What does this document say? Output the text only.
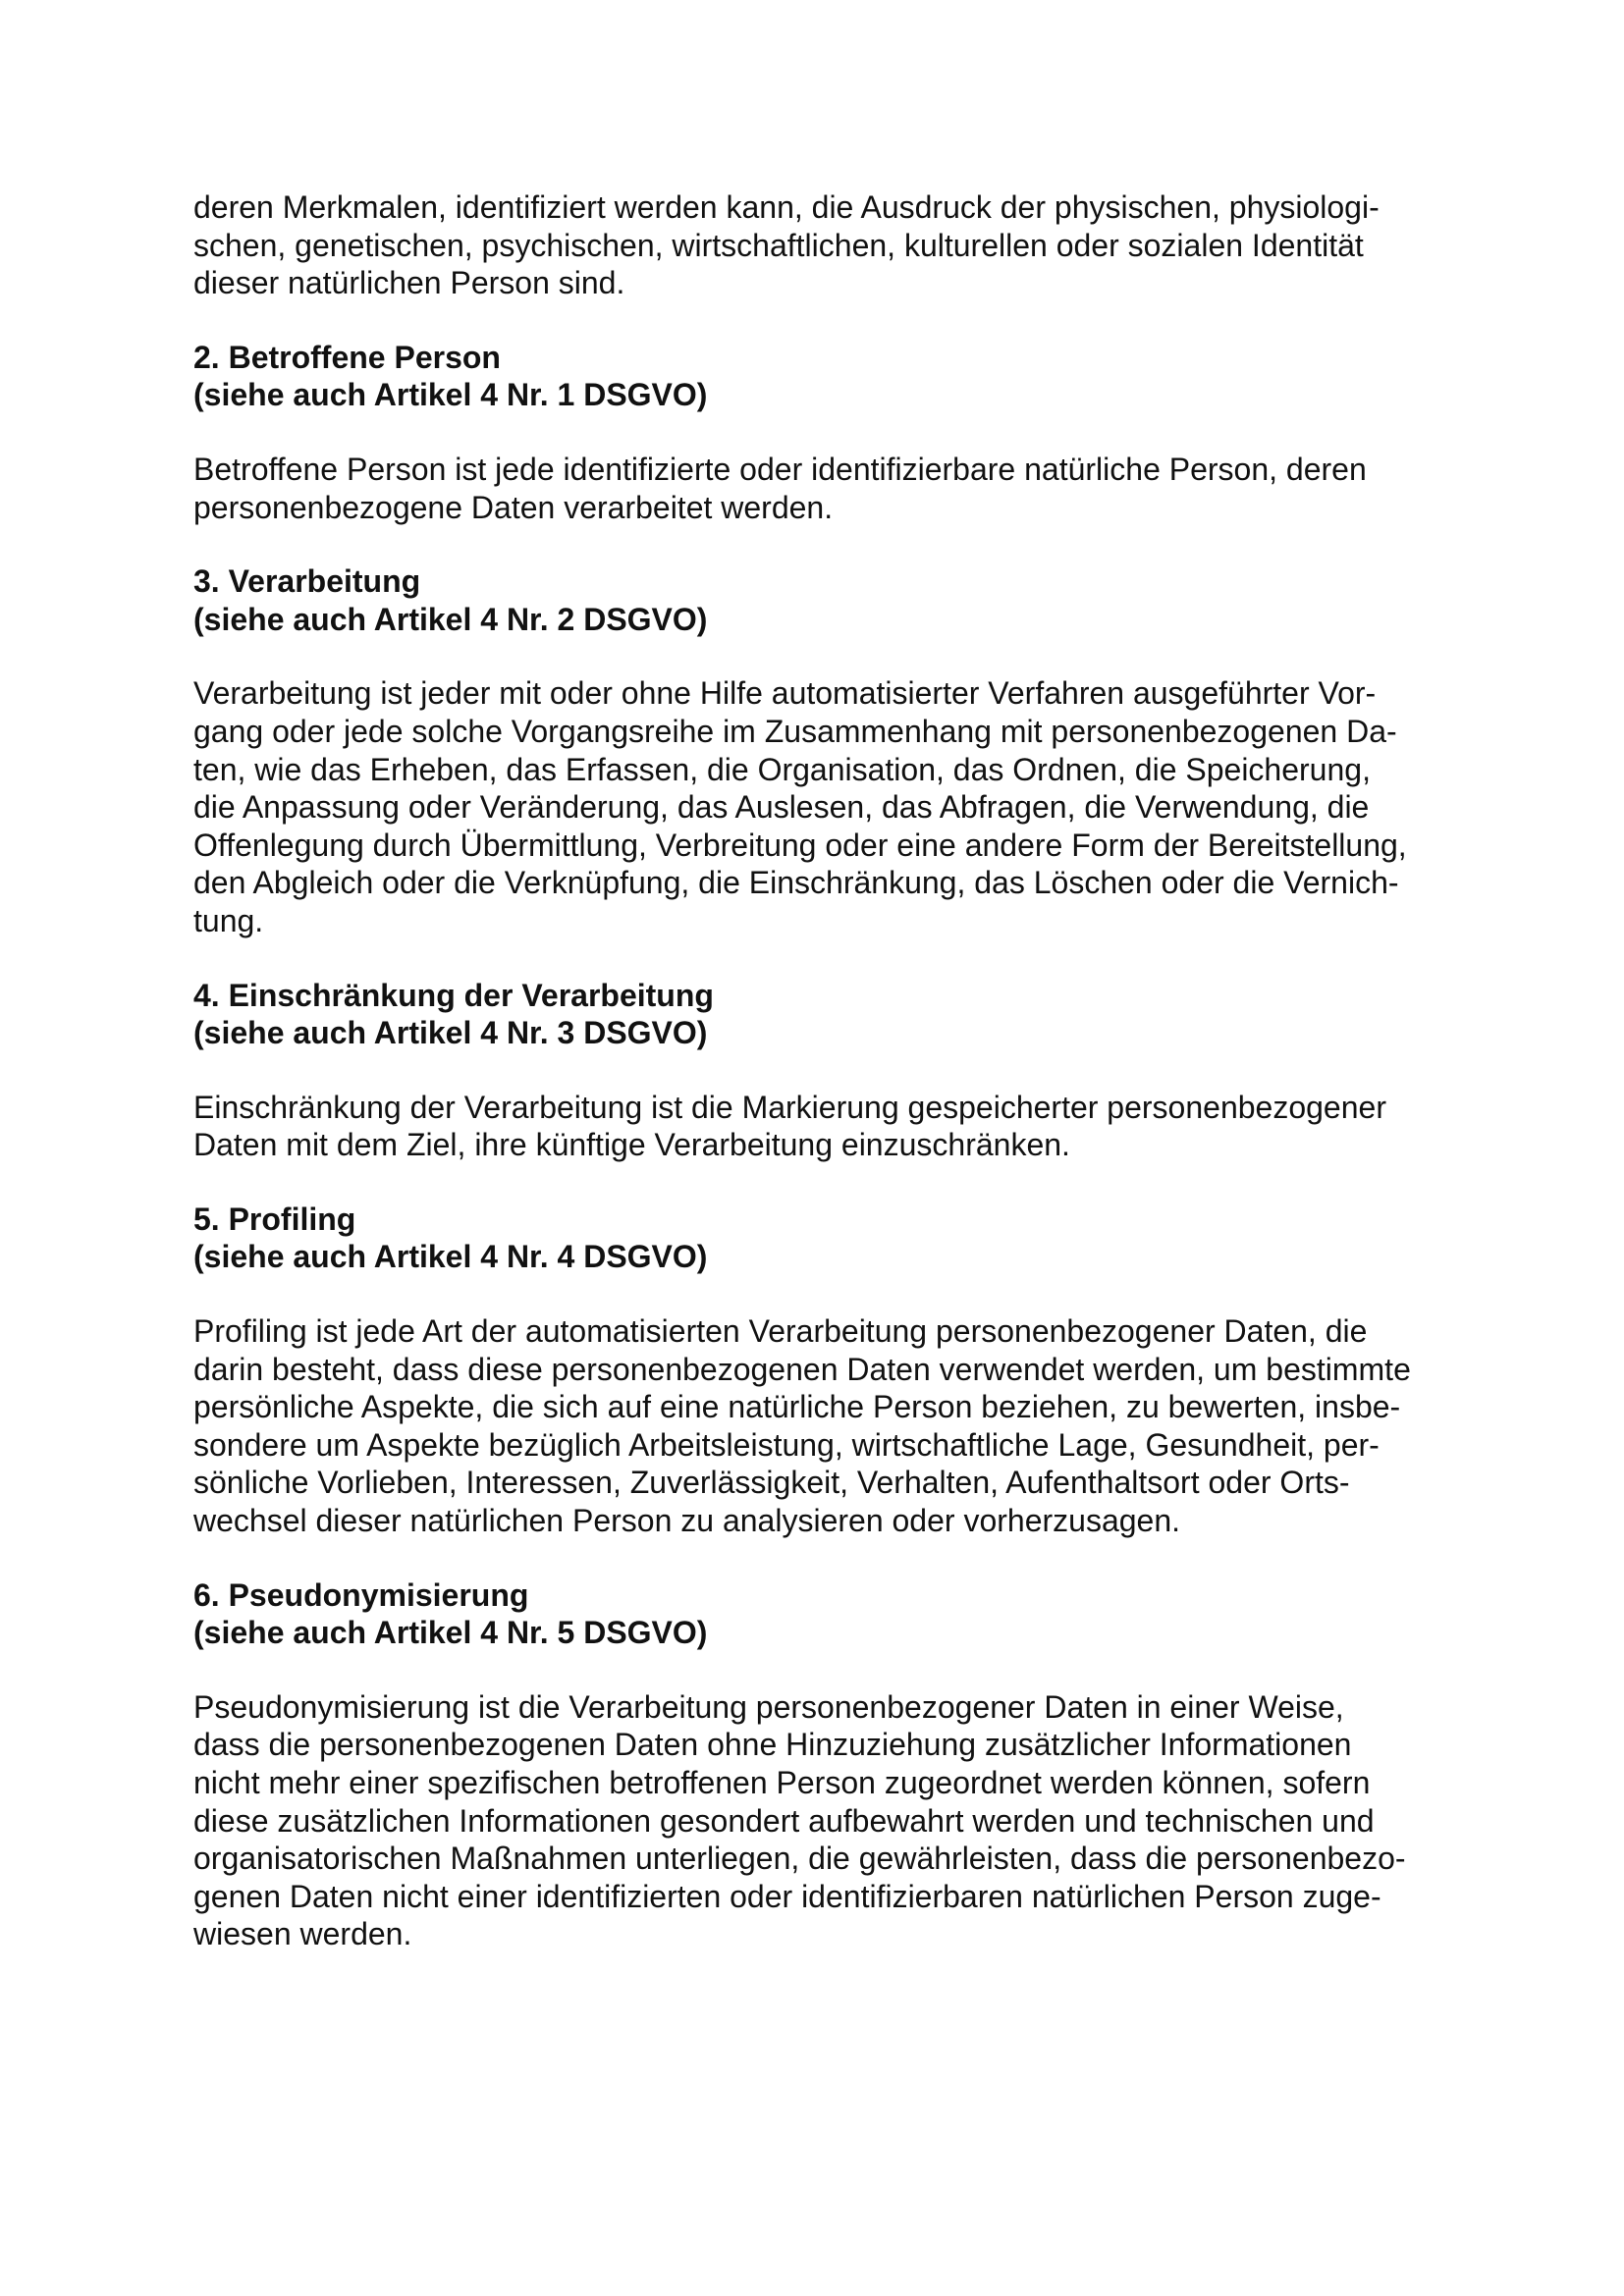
deren Merkmalen, identifiziert werden kann, die Ausdruck der physischen, physiologi-
schen, genetischen, psychischen, wirtschaftlichen, kulturellen oder sozialen Identität
dieser natürlichen Person sind.

2. Betroffene Person
(siehe auch Artikel 4 Nr. 1 DSGVO)

Betroffene Person ist jede identifizierte oder identifizierbare natürliche Person, deren
personenbezogene Daten verarbeitet werden.

3. Verarbeitung
(siehe auch Artikel 4 Nr. 2 DSGVO)

Verarbeitung ist jeder mit oder ohne Hilfe automatisierter Verfahren ausgeführter Vor-
gang oder jede solche Vorgangsreihe im Zusammenhang mit personenbezogenen Da-
ten, wie das Erheben, das Erfassen, die Organisation, das Ordnen, die Speicherung,
die Anpassung oder Veränderung, das Auslesen, das Abfragen, die Verwendung, die
Offenlegung durch Übermittlung, Verbreitung oder eine andere Form der Bereitstellung,
den Abgleich oder die Verknüpfung, die Einschränkung, das Löschen oder die Vernich-
tung.

4. Einschränkung der Verarbeitung
(siehe auch Artikel 4 Nr. 3 DSGVO)

Einschränkung der Verarbeitung ist die Markierung gespeicherter personenbezogener
Daten mit dem Ziel, ihre künftige Verarbeitung einzuschränken.

5. Profiling
(siehe auch Artikel 4 Nr. 4 DSGVO)

Profiling ist jede Art der automatisierten Verarbeitung personenbezogener Daten, die
darin besteht, dass diese personenbezogenen Daten verwendet werden, um bestimmte
persönliche Aspekte, die sich auf eine natürliche Person beziehen, zu bewerten, insbe-
sondere um Aspekte bezüglich Arbeitsleistung, wirtschaftliche Lage, Gesundheit, per-
sönliche Vorlieben, Interessen, Zuverlässigkeit, Verhalten, Aufenthaltsort oder Orts-
wechsel dieser natürlichen Person zu analysieren oder vorherzusagen.

6. Pseudonymisierung
(siehe auch Artikel 4 Nr. 5 DSGVO)

Pseudonymisierung ist die Verarbeitung personenbezogener Daten in einer Weise,
dass die personenbezogenen Daten ohne Hinzuziehung zusätzlicher Informationen
nicht mehr einer spezifischen betroffenen Person zugeordnet werden können, sofern
diese zusätzlichen Informationen gesondert aufbewahrt werden und technischen und
organisatorischen Maßnahmen unterliegen, die gewährleisten, dass die personenbezo-
genen Daten nicht einer identifizierten oder identifizierbaren natürlichen Person zuge-
wiesen werden.
